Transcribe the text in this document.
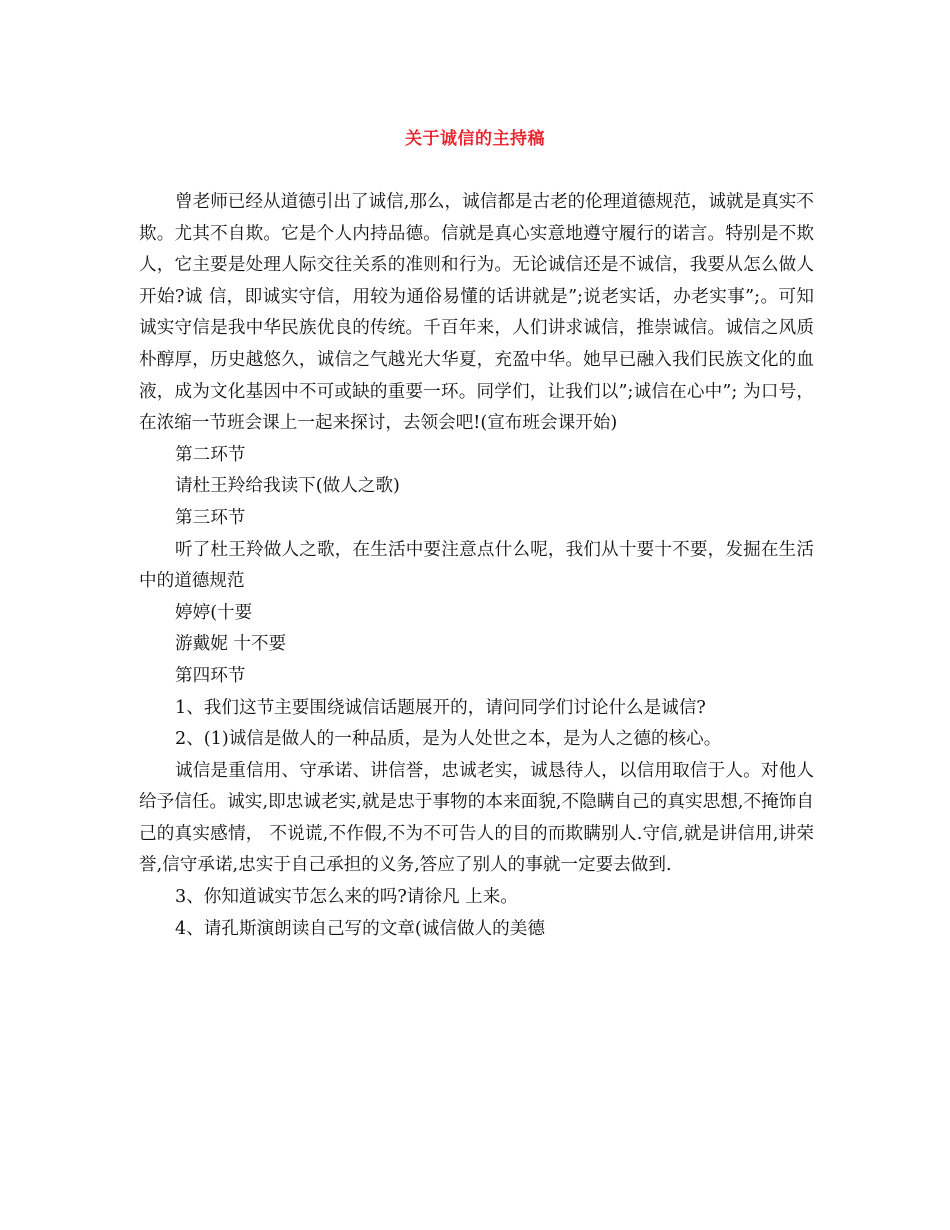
关于诚信的主持稿

曾老师已经从道德引出了诚信,那么，诚信都是古老的伦理道德规范，诚就是真实不欺。尤其不自欺。它是个人内持品德。信就是真心实意地遵守履行的诺言。特别是不欺人，它主要是处理人际交往关系的准则和行为。无论诚信还是不诚信，我要从怎么做人开始?诚 信，即诚实守信，用较为通俗易懂的话讲就是”;说老实话，办老实事”;。可知诚实守信是我中华民族优良的传统。千百年来，人们讲求诚信，推崇诚信。诚信之风质朴醇厚，历史越悠久，诚信之气越光大华夏，充盈中华。她早已融入我们民族文化的血液，成为文化基因中不可或缺的重要一环。同学们，让我们以”;诚信在心中”; 为口号，在浓缩一节班会课上一起来探讨，去领会吧!(宣布班会课开始)

第二环节

请杜王羚给我读下(做人之歌)

第三环节

听了杜王羚做人之歌，在生活中要注意点什么呢，我们从十要十不要，发掘在生活中的道德规范

婷婷(十要

游戴妮 十不要

第四环节

1、我们这节主要围绕诚信话题展开的，请问同学们讨论什么是诚信?

2、(1)诚信是做人的一种品质，是为人处世之本，是为人之德的核心。

诚信是重信用、守承诺、讲信誉，忠诚老实，诚恳待人，以信用取信于人。对他人给予信任。诚实,即忠诚老实,就是忠于事物的本来面貌,不隐瞒自己的真实思想,不掩饰自己的真实感情， 不说谎,不作假,不为不可告人的目的而欺瞒别人.守信,就是讲信用,讲荣誉,信守承诺,忠实于自己承担的义务,答应了别人的事就一定要去做到.

3、你知道诚实节怎么来的吗?请徐凡 上来。

4、请孔斯演朗读自己写的文章(诚信做人的美德
